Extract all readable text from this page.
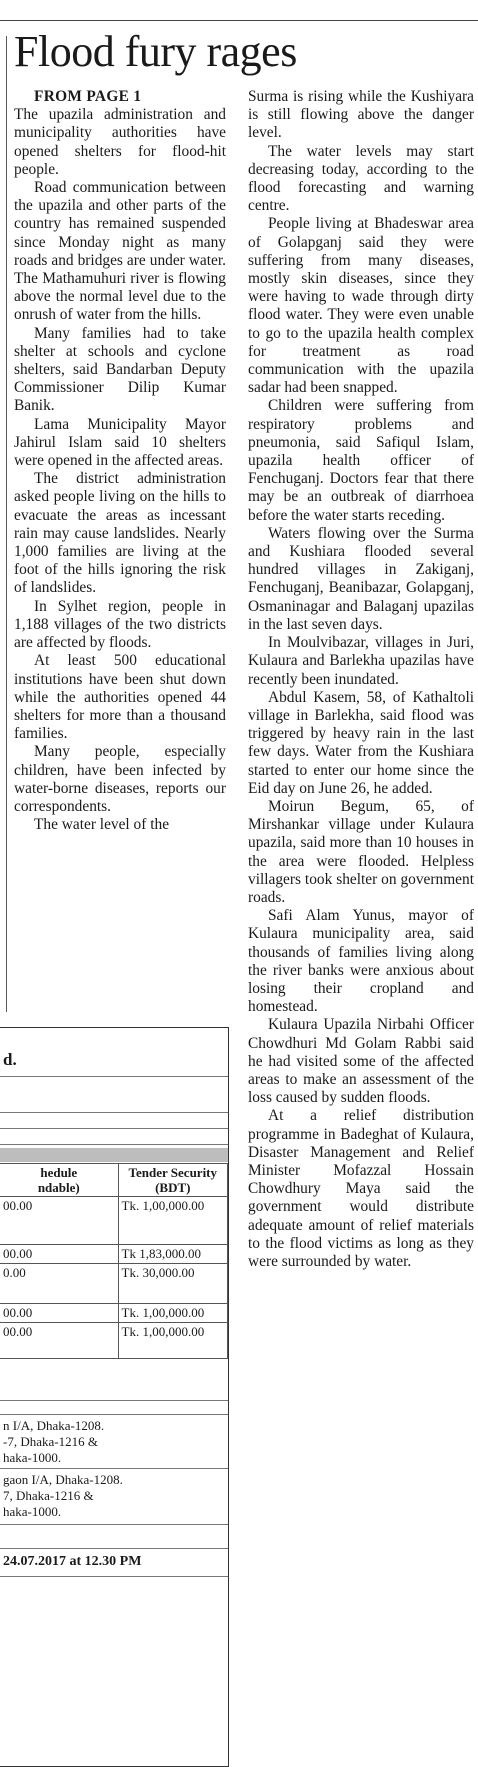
Flood fury rages

FROM PAGE 1

The upazila administration and municipality authorities have opened shelters for flood-hit people.

Road communication between the upazila and other parts of the country has remained suspended since Monday night as many roads and bridges are under water. The Mathamuhuri river is flowing above the normal level due to the onrush of water from the hills.

Many families had to take shelter at schools and cyclone shelters, said Bandarban Deputy Commissioner Dilip Kumar Banik.

Lama Municipality Mayor Jahirul Islam said 10 shelters were opened in the affected areas.

The district administration asked people living on the hills to evacuate the areas as incessant rain may cause landslides. Nearly 1,000 families are living at the foot of the hills ignoring the risk of landslides.

In Sylhet region, people in 1,188 villages of the two districts are affected by floods.

At least 500 educational institutions have been shut down while the authorities opened 44 shelters for more than a thousand families.

Many people, especially children, have been infected by water-borne diseases, reports our correspondents.

The water level of the

Surma is rising while the Kushiyara is still flowing above the danger level.

The water levels may start decreasing today, according to the flood forecasting and warning centre.

People living at Bhadeswar area of Golapganj said they were suffering from many diseases, mostly skin diseases, since they were having to wade through dirty flood water. They were even unable to go to the upazila health complex for treatment as road communication with the upazila sadar had been snapped.

Children were suffering from respiratory problems and pneumonia, said Safiqul Islam, upazila health officer of Fenchuganj. Doctors fear that there may be an outbreak of diarrhoea before the water starts receding.

Waters flowing over the Surma and Kushiara flooded several hundred villages in Zakiganj, Fenchuganj, Beanibazar, Golapganj, Osmaninagar and Balaganj upazilas in the last seven days.

In Moulvibazar, villages in Juri, Kulaura and Barlekha upazilas have recently been inundated.

Abdul Kasem, 58, of Kathaltoli village in Barlekha, said flood was triggered by heavy rain in the last few days. Water from the Kushiara started to enter our home since the Eid day on June 26, he added.

Moirun Begum, 65, of Mirshankar village under Kulaura upazila, said more than 10 houses in the area were flooded. Helpless villagers took shelter on government roads.

Safi Alam Yunus, mayor of Kulaura municipality area, said thousands of families living along the river banks were anxious about losing their cropland and homestead.

Kulaura Upazila Nirbahi Officer Chowdhuri Md Golam Rabbi said he had visited some of the affected areas to make an assessment of the loss caused by sudden floods.

At a relief distribution programme in Badeghat of Kulaura, Disaster Management and Relief Minister Mofazzal Hossain Chowdhury Maya said the government would distribute adequate amount of relief materials to the flood victims as long as they were surrounded by water.

d.
hedule
ndable)	Tender Security
(BDT)
00.00	Tk. 1,00,000.00
00.00	Tk 1,83,000.00
0.00	Tk. 30,000.00
00.00	Tk. 1,00,000.00
00.00	Tk. 1,00,000.00
n I/A, Dhaka-1208.
-7, Dhaka-1216 &
haka-1000.
gaon I/A, Dhaka-1208.
7, Dhaka-1216 &
haka-1000.
24.07.2017 at 12.30 PM
